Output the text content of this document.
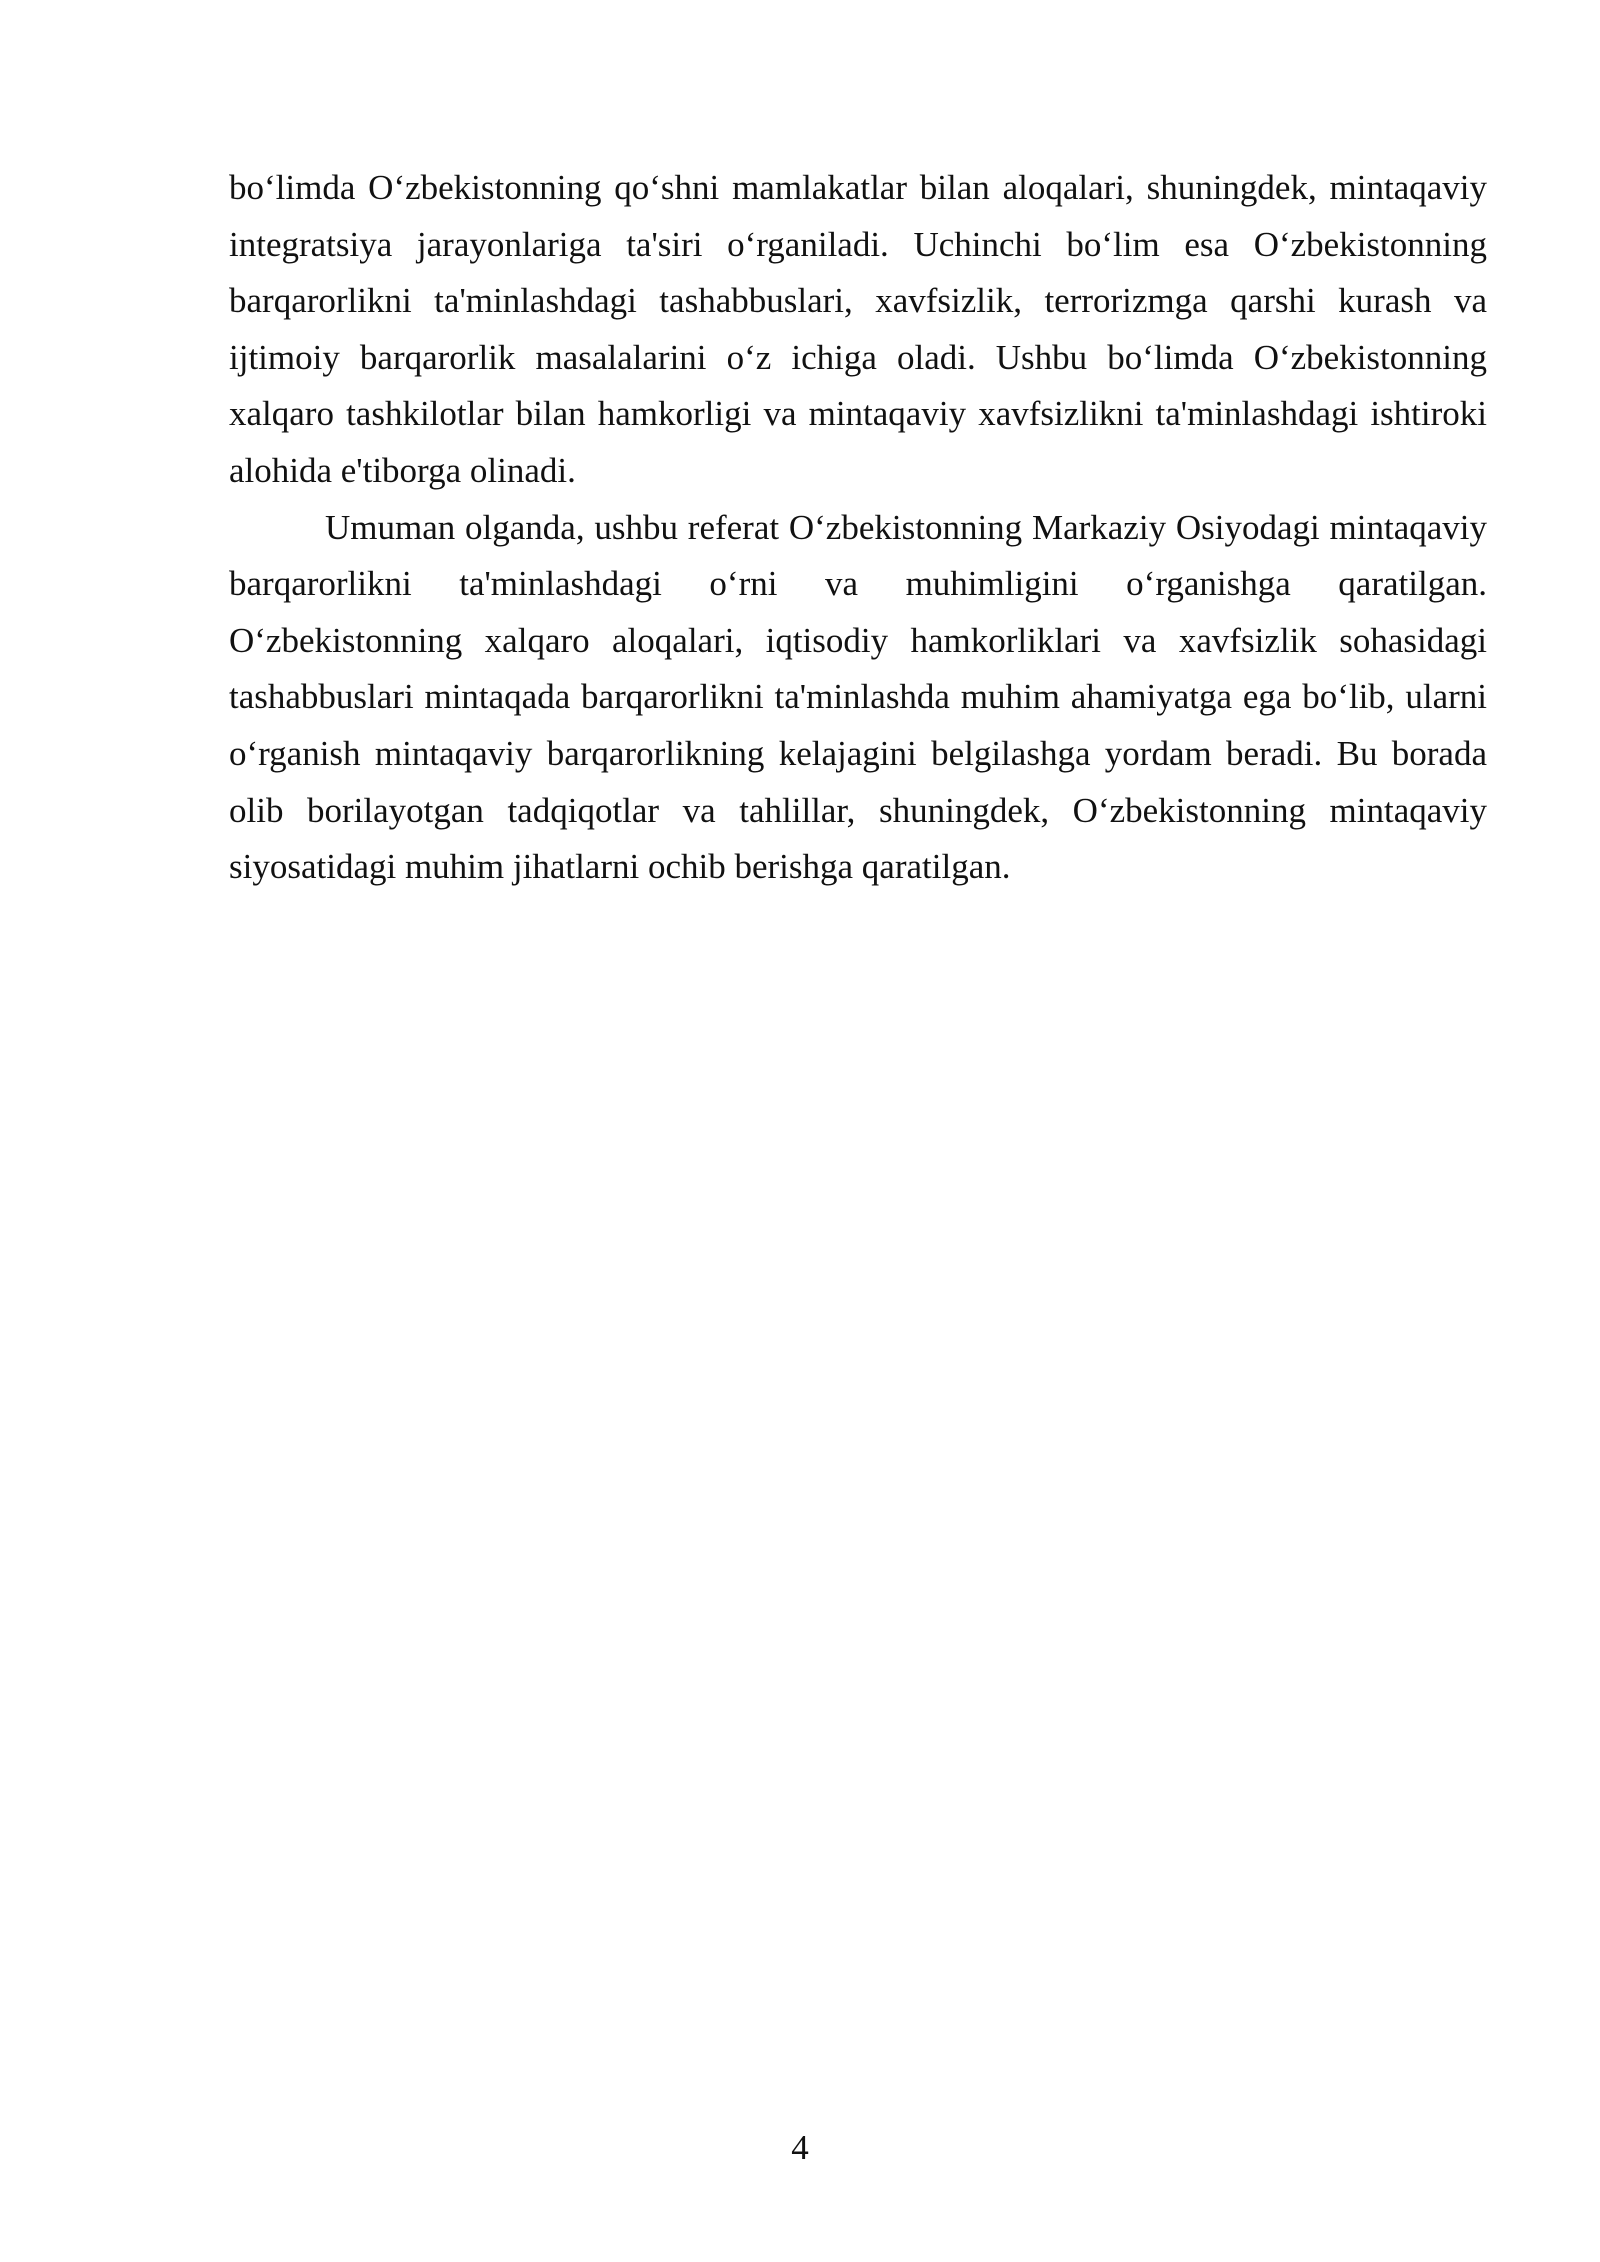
bo‘limda O‘zbekistonning qo‘shni mamlakatlar bilan aloqalari, shuningdek, mintaqaviy integratsiya jarayonlariga ta'siri o‘rganiladi. Uchinchi bo‘lim esa O‘zbekistonning barqarorlikni ta'minlashdagi tashabbuslari, xavfsizlik, terrorizmga qarshi kurash va ijtimoiy barqarorlik masalalarini o‘z ichiga oladi. Ushbu bo‘limda O‘zbekistonning xalqaro tashkilotlar bilan hamkorligi va mintaqaviy xavfsizlikni ta'minlashdagi ishtiroki alohida e'tiborga olinadi.

Umuman olganda, ushbu referat O‘zbekistonning Markaziy Osiyodagi mintaqaviy barqarorlikni ta'minlashdagi o‘rni va muhimligini o‘rganishga qaratilgan. O‘zbekistonning xalqaro aloqalari, iqtisodiy hamkorliklari va xavfsizlik sohasidagi tashabbuslari mintaqada barqarorlikni ta'minlashda muhim ahamiyatga ega bo‘lib, ularni o‘rganish mintaqaviy barqarorlikning kelajagini belgilashga yordam beradi. Bu borada olib borilayotgan tadqiqotlar va tahlillar, shuningdek, O‘zbekistonning mintaqaviy siyosatidagi muhim jihatlarni ochib berishga qaratilgan.

4
